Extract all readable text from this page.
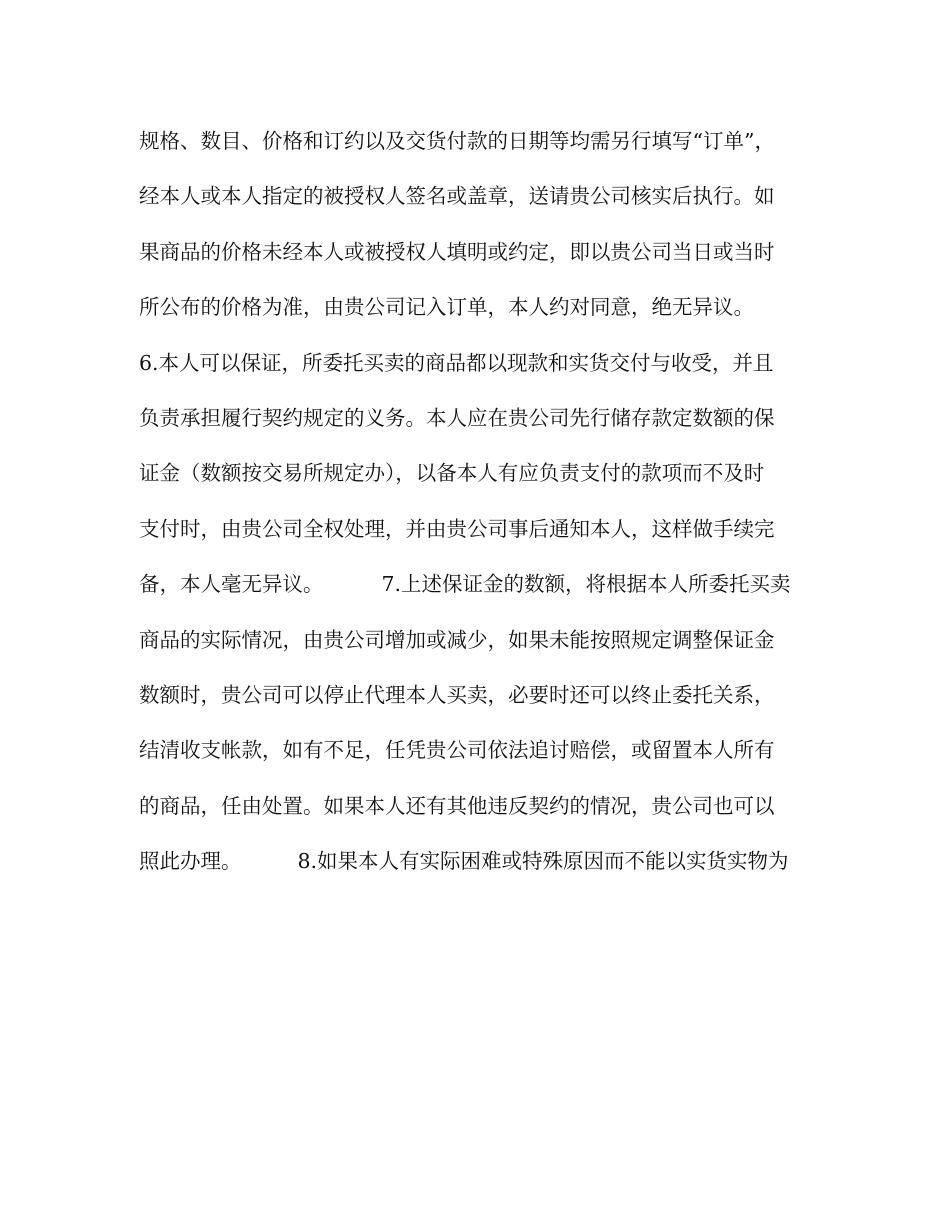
规格、数目、价格和订约以及交货付款的日期等均需另行填写“订单”，
经本人或本人指定的被授权人签名或盖章，送请贵公司核实后执行。如
果商品的价格未经本人或被授权人填明或约定，即以贵公司当日或当时
所公布的价格为准，由贵公司记入订单，本人约对同意，绝无异议。
6.本人可以保证，所委托买卖的商品都以现款和实货交付与收受，并且
负责承担履行契约规定的义务。本人应在贵公司先行储存款定数额的保
证金（数额按交易所规定办），以备本人有应负责支付的款项而不及时
支付时，由贵公司全权处理，并由贵公司事后通知本人，这样做手续完
备，本人毫无异议。	7.上述保证金的数额，将根据本人所委托买卖
商品的实际情况，由贵公司增加或减少，如果未能按照规定调整保证金
数额时，贵公司可以停止代理本人买卖，必要时还可以终止委托关系，
结清收支帐款，如有不足，任凭贵公司依法追讨赔偿，或留置本人所有
的商品，任由处置。如果本人还有其他违反契约的情况，贵公司也可以
照此办理。	8.如果本人有实际困难或特殊原因而不能以实货实物为
